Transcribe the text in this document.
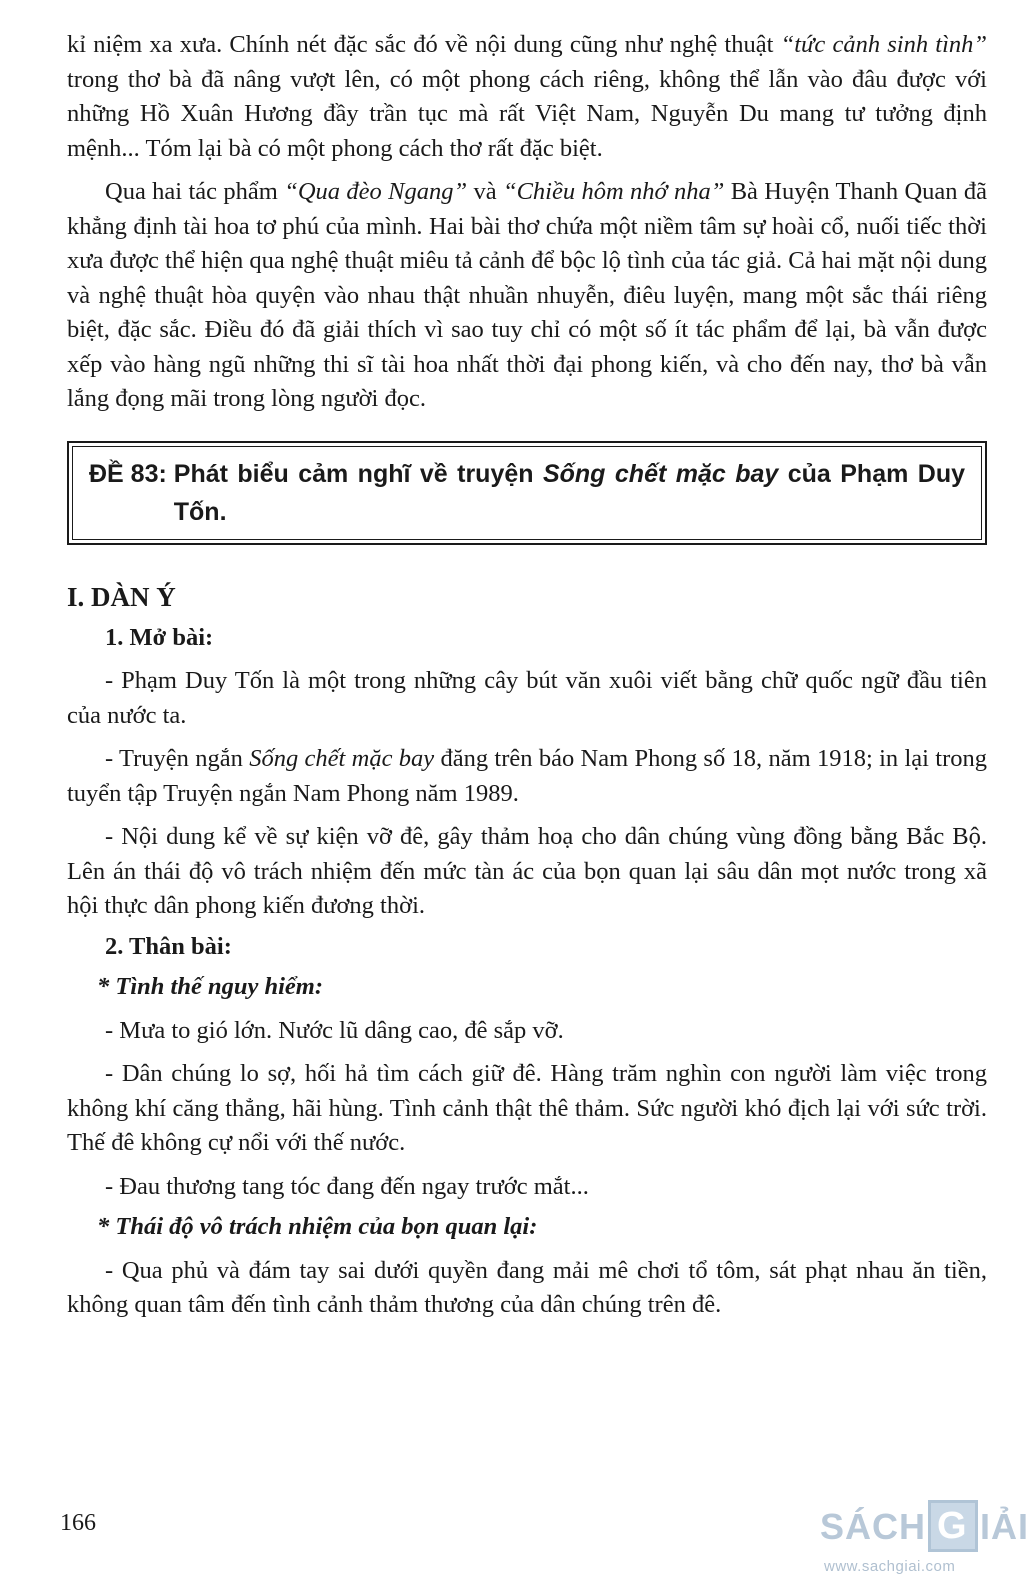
kỉ niệm xa xưa. Chính nét đặc sắc đó về nội dung cũng như nghệ thuật “tức cảnh sinh tình” trong thơ bà đã nâng vượt lên, có một phong cách riêng, không thể lẫn vào đâu được với những Hồ Xuân Hương đầy trần tục mà rất Việt Nam, Nguyễn Du mang tư tưởng định mệnh... Tóm lại bà có một phong cách thơ rất đặc biệt.

Qua hai tác phẩm “Qua đèo Ngang” và “Chiều hôm nhớ nha” Bà Huyện Thanh Quan đã khẳng định tài hoa tơ phú của mình. Hai bài thơ chứa một niềm tâm sự hoài cổ, nuối tiếc thời xưa được thể hiện qua nghệ thuật miêu tả cảnh để bộc lộ tình của tác giả. Cả hai mặt nội dung và nghệ thuật hòa quyện vào nhau thật nhuần nhuyễn, điêu luyện, mang một sắc thái riêng biệt, đặc sắc. Điều đó đã giải thích vì sao tuy chỉ có một số ít tác phẩm để lại, bà vẫn được xếp vào hàng ngũ những thi sĩ tài hoa nhất thời đại phong kiến, và cho đến nay, thơ bà vẫn lắng đọng mãi trong lòng người đọc.

ĐỀ 83: Phát biểu cảm nghĩ về truyện Sống chết mặc bay của Phạm Duy Tốn.

I. DÀN Ý

1. Mở bài:

- Phạm Duy Tốn là một trong những cây bút văn xuôi viết bằng chữ quốc ngữ đầu tiên của nước ta.

- Truyện ngắn Sống chết mặc bay đăng trên báo Nam Phong số 18, năm 1918; in lại trong tuyển tập Truyện ngắn Nam Phong năm 1989.

- Nội dung kể về sự kiện vỡ đê, gây thảm hoạ cho dân chúng vùng đồng bằng Bắc Bộ. Lên án thái độ vô trách nhiệm đến mức tàn ác của bọn quan lại sâu dân mọt nước trong xã hội thực dân phong kiến đương thời.

2. Thân bài:

* Tình thế nguy hiểm:

- Mưa to gió lớn. Nước lũ dâng cao, đê sắp vỡ.

- Dân chúng lo sợ, hối hả tìm cách giữ đê. Hàng trăm nghìn con người làm việc trong không khí căng thẳng, hãi hùng. Tình cảnh thật thê thảm. Sức người khó địch lại với sức trời. Thế đê không cự nổi với thế nước.

- Đau thương tang tóc đang đến ngay trước mắt...

* Thái độ vô trách nhiệm của bọn quan lại:

- Qua phủ và đám tay sai dưới quyền đang mải mê chơi tổ tôm, sát phạt nhau ăn tiền, không quan tâm đến tình cảnh thảm thương của dân chúng trên đê.

166	SÁCH G IẢI
www.sachgiai.com
